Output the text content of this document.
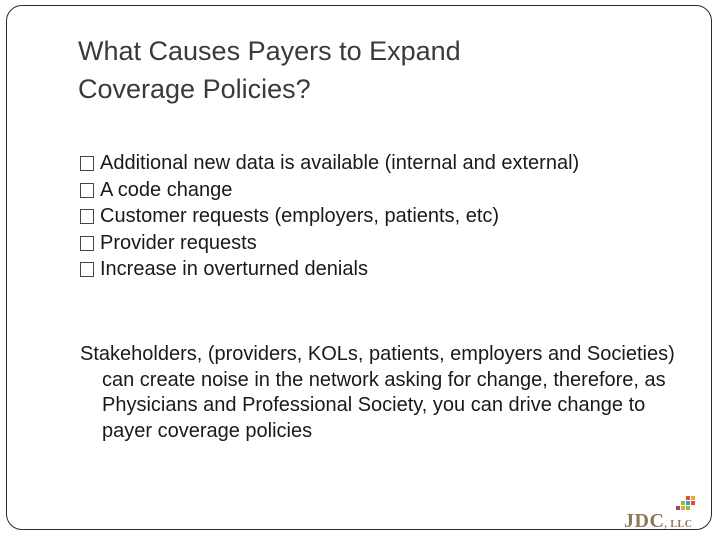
What Causes Payers to Expand
Coverage Policies?
Additional new data is available (internal and external)
A code change
Customer requests (employers, patients, etc)
Provider requests
Increase in overturned denials
Stakeholders, (providers, KOLs, patients, employers and Societies) can create noise in the network asking for change, therefore, as Physicians and Professional Society, you can drive change to payer coverage policies
JDC, LLC
